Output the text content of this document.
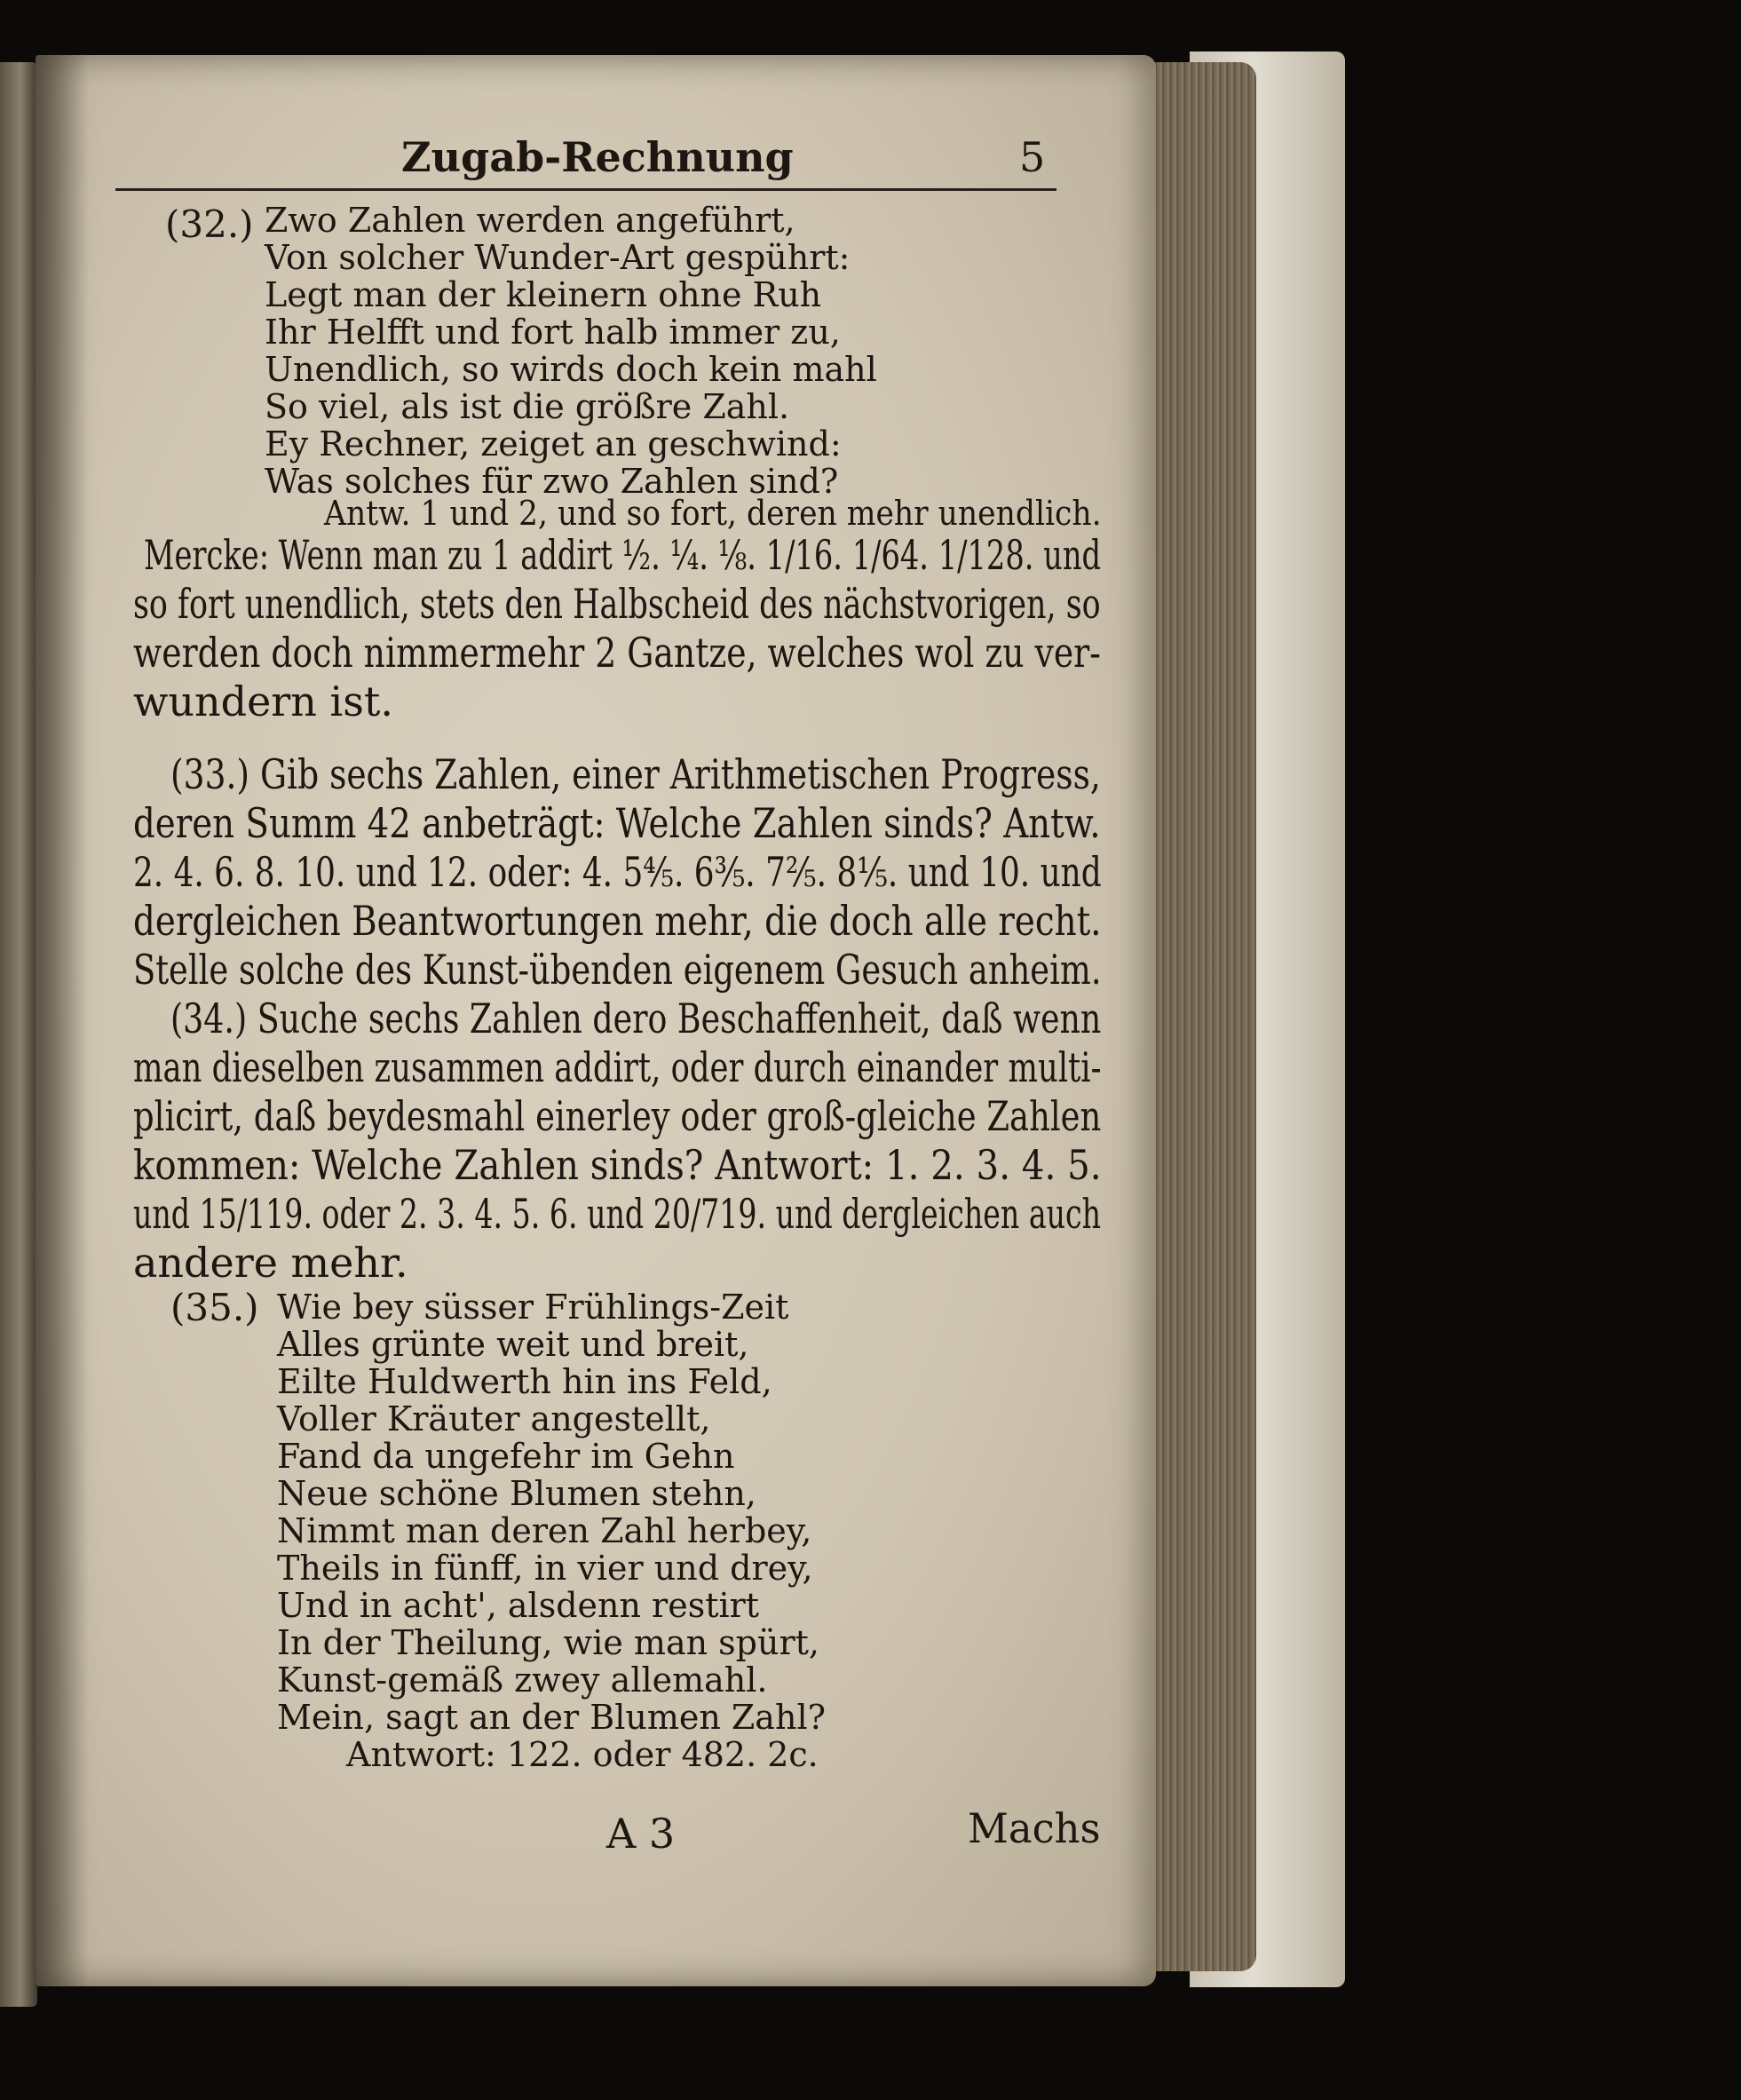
Zugab-Rechnung	5
(32.) Zwo Zahlen werden angeführt,
Von solcher Wunder-Art gespührt:
Legt man der kleinern ohne Ruh
Ihr Helfft und fort halb immer zu,
Unendlich, so wirds doch kein mahl
So viel, als ist die größre Zahl.
Ey Rechner, zeiget an geschwind:
Was solches für zwo Zahlen sind?
Antw. 1 und 2, und so fort, deren mehr unendlich.
Mercke: Wenn man zu 1 addirt ½. ¼. ⅛. 1/16. 1/64. 1/128. und
so fort unendlich, stets den Halbscheid des nächstvorigen, so
werden doch nimmermehr 2 Gantze, welches wol zu ver-
wundern ist.
(33.) Gib sechs Zahlen, einer Arithmetischen Progress,
deren Summ 42 anbeträgt: Welche Zahlen sinds? Antw.
2. 4. 6. 8. 10. und 12. oder: 4. 5⅘. 6⅗. 7⅖. 8⅕. und 10. und
dergleichen Beantwortungen mehr, die doch alle recht.
Stelle solche des Kunst-übenden eigenem Gesuch anheim.
(34.) Suche sechs Zahlen dero Beschaffenheit, daß wenn
man dieselben zusammen addirt, oder durch einander multi-
plicirt, daß beydesmahl einerley oder groß-gleiche Zahlen
kommen: Welche Zahlen sinds? Antwort: 1. 2. 3. 4. 5.
und 15/119. oder 2. 3. 4. 5. 6. und 20/719. und dergleichen auch
andere mehr.
(35.) Wie bey süsser Frühlings-Zeit
Alles grünte weit und breit,
Eilte Huldwerth hin ins Feld,
Voller Kräuter angestellt,
Fand da ungefehr im Gehn
Neue schöne Blumen stehn,
Nimmt man deren Zahl herbey,
Theils in fünff, in vier und drey,
Und in acht', alsdenn restirt
In der Theilung, wie man spürt,
Kunst-gemäß zwey allemahl.
Mein, sagt an der Blumen Zahl?
Antwort: 122. oder 482. 2c.
A 3	Machs
